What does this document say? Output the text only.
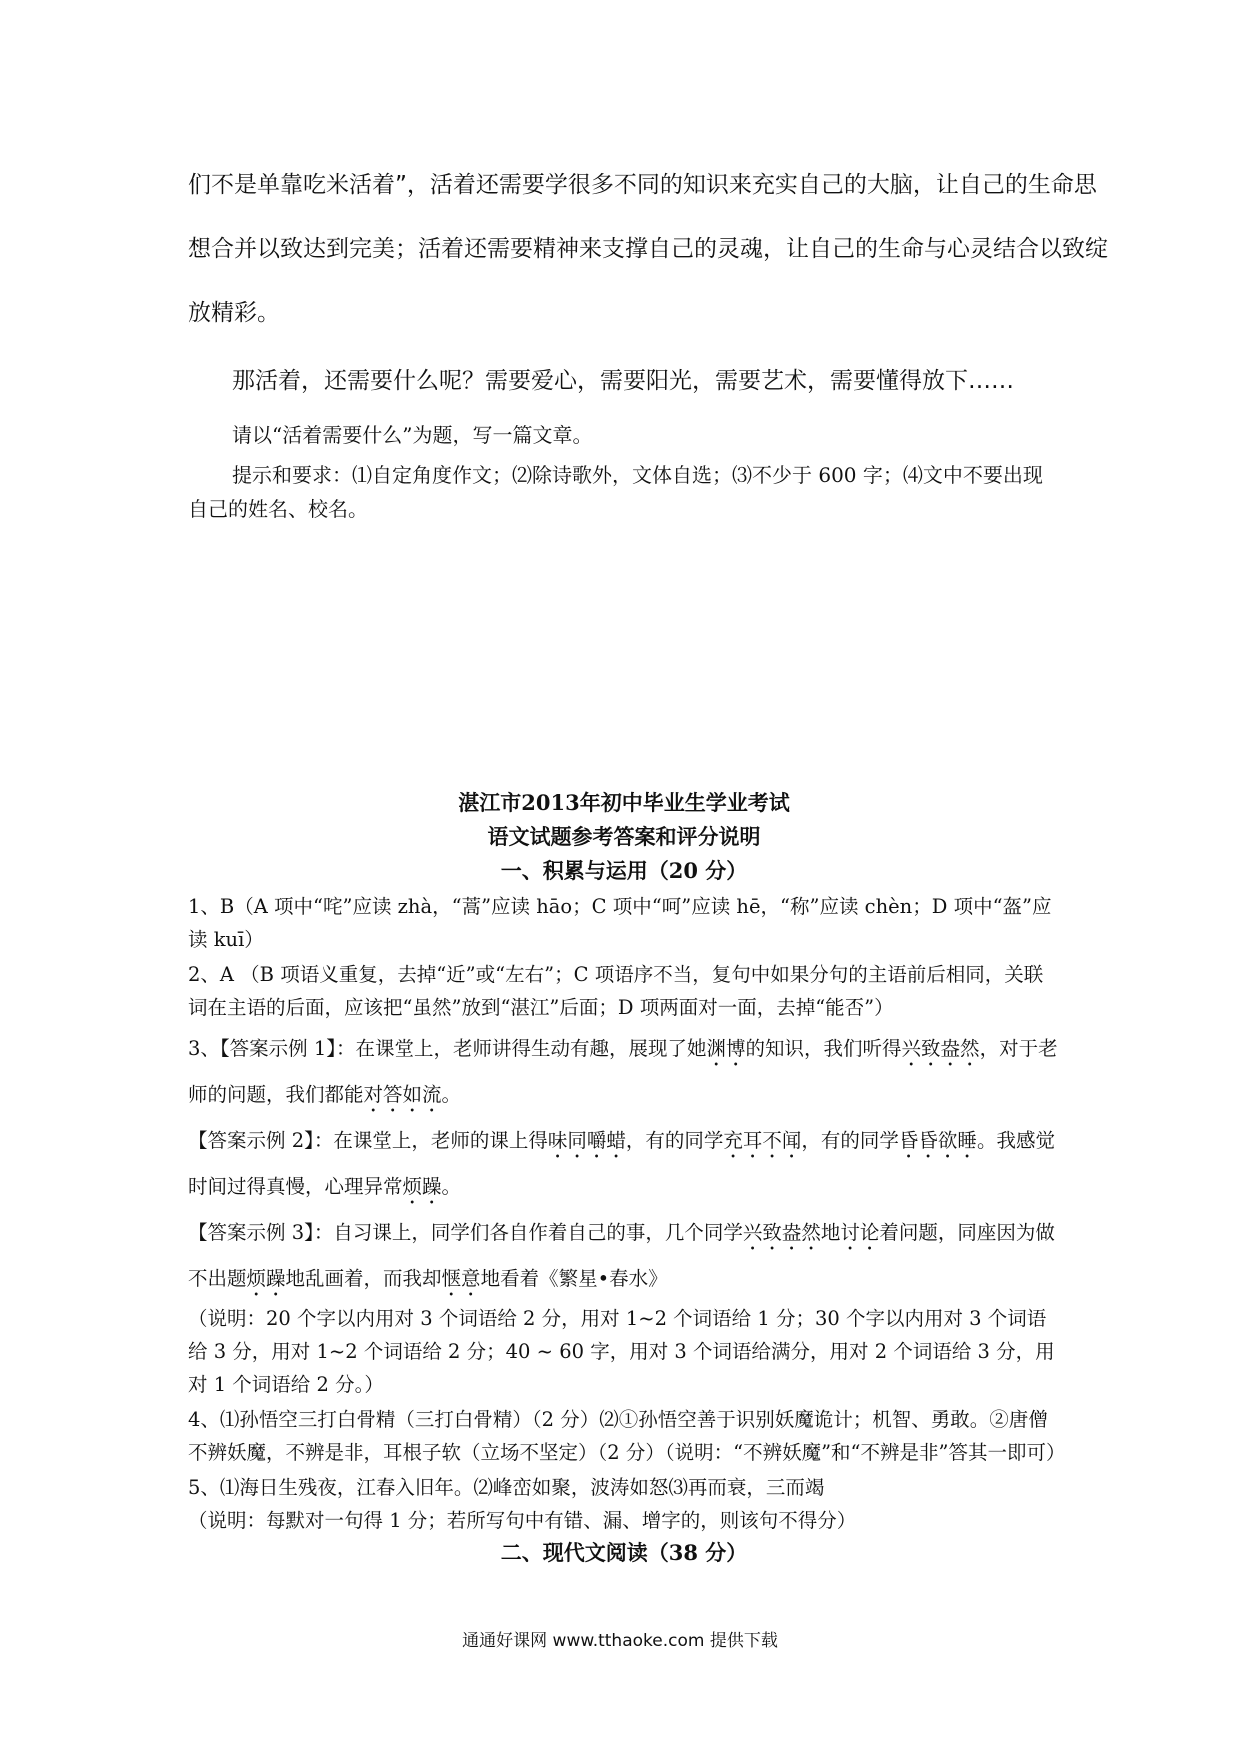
们不是单靠吃米活着”，活着还需要学很多不同的知识来充实自己的大脑，让自己的生命思

想合并以致达到完美；活着还需要精神来支撑自己的灵魂，让自己的生命与心灵结合以致绽

放精彩。

那活着，还需要什么呢？需要爱心，需要阳光，需要艺术，需要懂得放下……

请以“活着需要什么”为题，写一篇文章。

提示和要求：⑴自定角度作文；⑵除诗歌外，文体自选；⑶不少于 600 字；⑷文中不要出现自己的姓名、校名。

湛江市2013年初中毕业生学业考试
语文试题参考答案和评分说明
一、积累与运用（20 分）

1、B（A 项中“咤”应读 zhà，“蒿”应读 hāo；C 项中“呵”应读 hē，“称”应读 chèn；D 项中“盔”应读 kuī）

2、A （B 项语义重复，去掉“近”或“左右”；C 项语序不当，复句中如果分句的主语前后相同，关联词在主语的后面，应该把“虽然”放到“湛江”后面；D 项两面对一面，去掉“能否”）

3、【答案示例 1】：在课堂上，老师讲得生动有趣，展现了她渊博的知识，我们听得兴致盎然，对于老师的问题，我们都能对答如流。

【答案示例 2】：在课堂上，老师的课上得味同嚼蜡，有的同学充耳不闻，有的同学昏昏欲睡。我感觉时间过得真慢，心理异常烦躁。

【答案示例 3】：自习课上，同学们各自作着自己的事，几个同学兴致盎然地讨论着问题，同座因为做不出题烦躁地乱画着，而我却惬意地看着《繁星•春水》

（说明：20 个字以内用对 3 个词语给 2 分，用对 1~2 个词语给 1 分；30 个字以内用对 3 个词语给 3 分，用对 1~2 个词语给 2 分；40 ~ 60 字，用对 3 个词语给满分，用对 2 个词语给 3 分，用对 1 个词语给 2 分。）

4、⑴孙悟空三打白骨精（三打白骨精）（2 分）⑵①孙悟空善于识别妖魔诡计；机智、勇敢。②唐僧不辨妖魔，不辨是非，耳根子软（立场不坚定）（2 分）（说明：“不辨妖魔”和“不辨是非”答其一即可）

5、⑴海日生残夜，江春入旧年。⑵峰峦如聚，波涛如怒⑶再而衰，三而竭

（说明：每默对一句得 1 分；若所写句中有错、漏、增字的，则该句不得分）

二、现代文阅读（38 分）
通通好课网 www.tthaoke.com 提供下载
